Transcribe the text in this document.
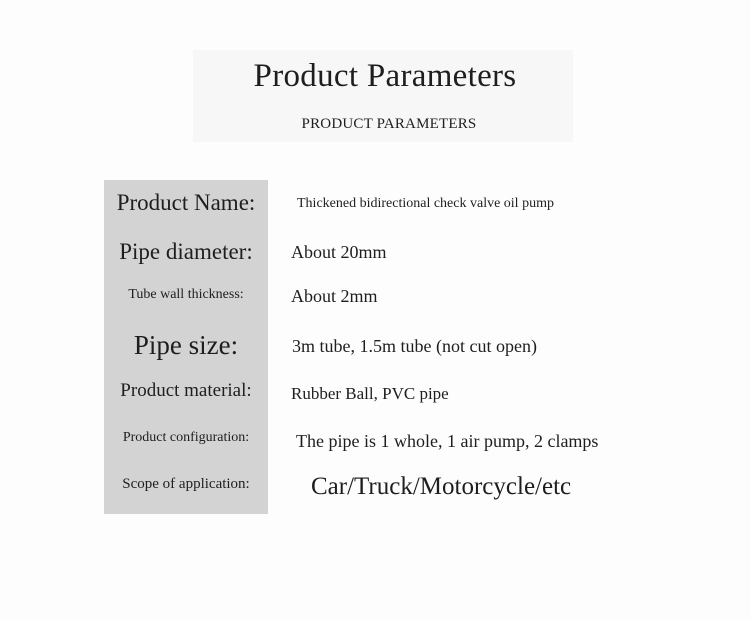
Product Parameters
PRODUCT PARAMETERS
Product Name:	Thickened bidirectional check valve oil pump
Pipe diameter:	About 20mm
Tube wall thickness:	About 2mm
Pipe size:	3m tube, 1.5m tube (not cut open)
Product material:	Rubber Ball, PVC pipe
Product configuration:	The pipe is 1 whole, 1 air pump, 2 clamps
Scope of application:	Car/Truck/Motorcycle/etc
